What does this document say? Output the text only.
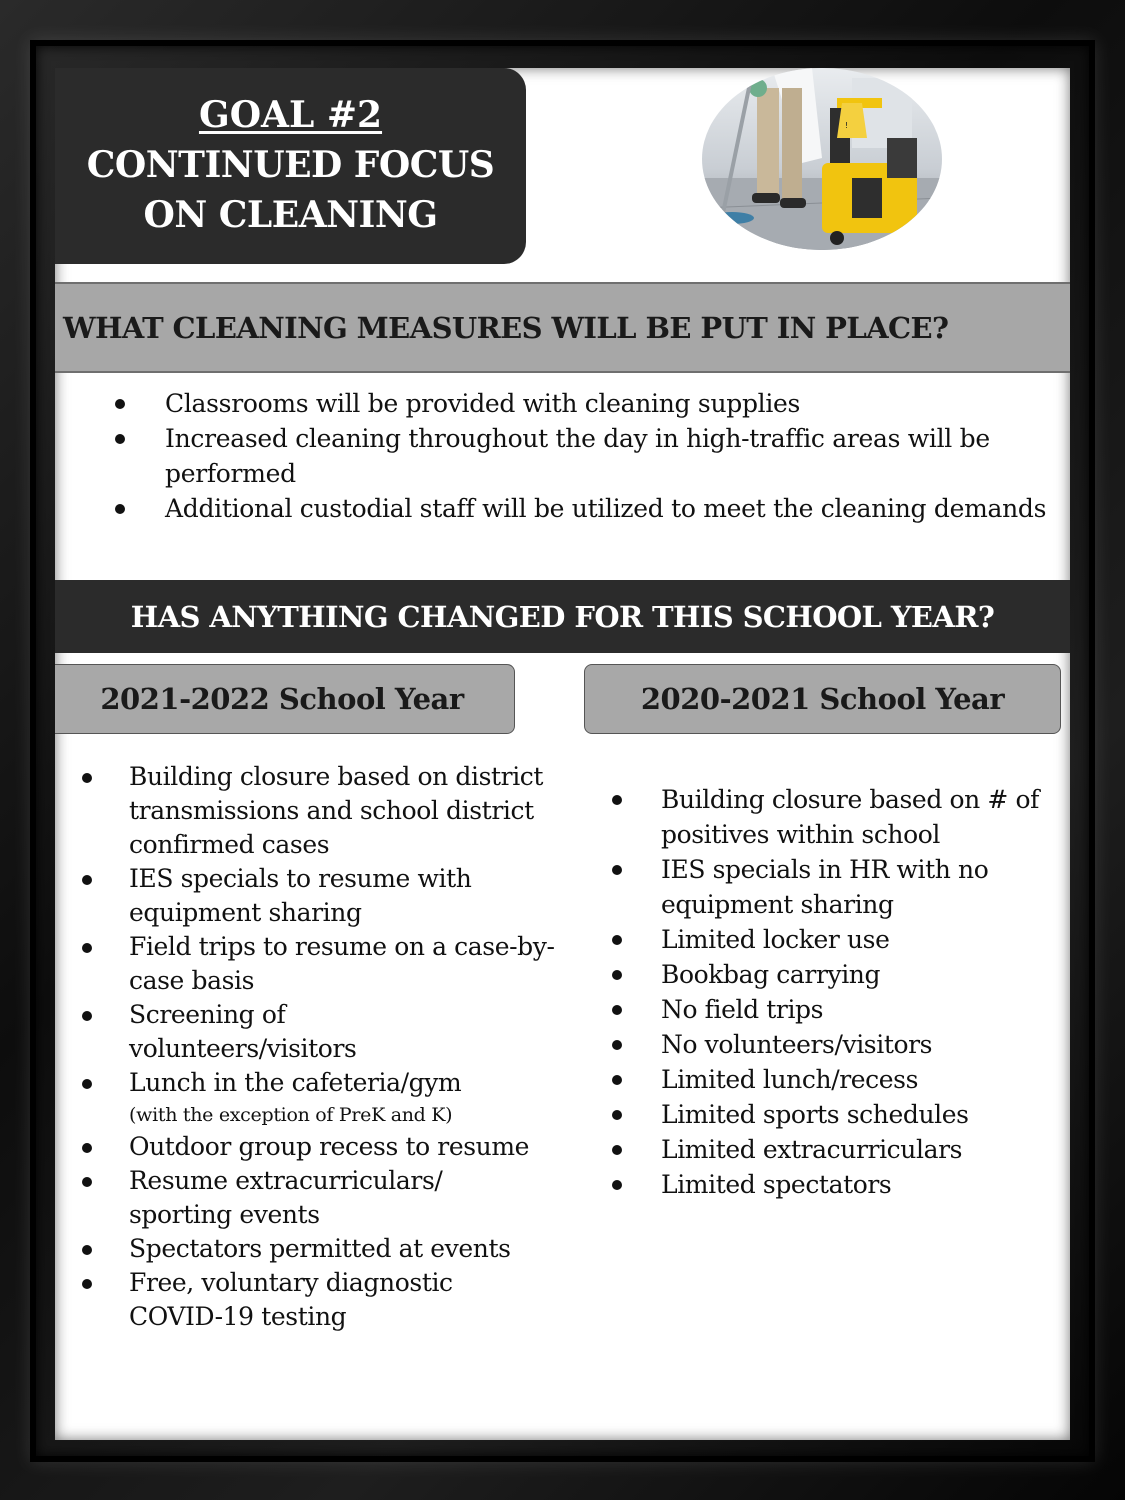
GOAL #2
CONTINUED FOCUS
ON CLEANING
!
WHAT CLEANING MEASURES WILL BE PUT IN PLACE?
Classrooms will be provided with cleaning supplies
Increased cleaning throughout the day in high-traffic areas will be performed
Additional custodial staff will be utilized to meet the cleaning demands
HAS ANYTHING CHANGED FOR THIS SCHOOL YEAR?
2021-2022 School Year	2020-2021 School Year
Building closure based on district transmissions and school district confirmed cases
IES specials to resume with equipment sharing
Field trips to resume on a case-by-case basis
Screening of volunteers/visitors
Lunch in the cafeteria/gym
(with the exception of PreK and K)
Outdoor group recess to resume
Resume extracurriculars/ sporting events
Spectators permitted at events
Free, voluntary diagnostic COVID-19 testing
Building closure based on # of positives within school
IES specials in HR with no equipment sharing
Limited locker use
Bookbag carrying
No field trips
No volunteers/visitors
Limited lunch/recess
Limited sports schedules
Limited extracurriculars
Limited spectators
